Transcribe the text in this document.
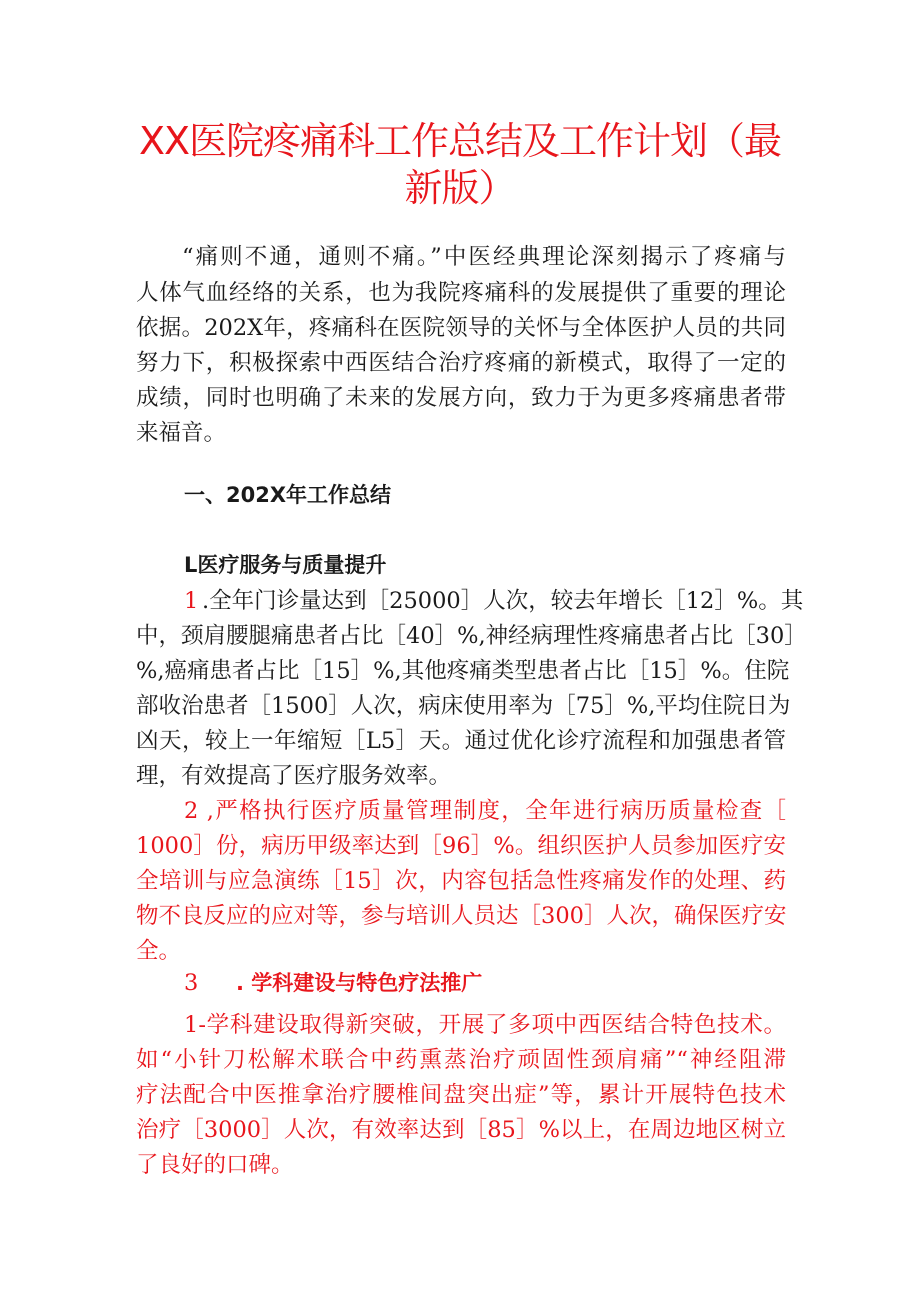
XX医院疼痛科工作总结及工作计划（最
新版）
“痛则不通，通则不痛。”中医经典理论深刻揭示了疼痛与
人体气血经络的关系，也为我院疼痛科的发展提供了重要的理论
依据。202X年，疼痛科在医院领导的关怀与全体医护人员的共同
努力下，积极探索中西医结合治疗疼痛的新模式，取得了一定的
成绩，同时也明确了未来的发展方向，致力于为更多疼痛患者带
来福音。
一、202X年工作总结
L医疗服务与质量提升
1 .全年门诊量达到［25000］人次，较去年增长［12］%。其
中，颈肩腰腿痛患者占比［40］%,神经病理性疼痛患者占比［30］
%,癌痛患者占比［15］%,其他疼痛类型患者占比［15］%。住院
部收治患者［1500］人次，病床使用率为［75］%,平均住院日为
凶天，较上一年缩短［L5］天。通过优化诊疗流程和加强患者管
理，有效提高了医疗服务效率。
2 ,严格执行医疗质量管理制度，全年进行病历质量检查［
1000］份，病历甲级率达到［96］%。组织医护人员参加医疗安
全培训与应急演练［15］次，内容包括急性疼痛发作的处理、药
物不良反应的应对等，参与培训人员达［300］人次，确保医疗安
全。
3	. 学科建设与特色疗法推广
1-学科建设取得新突破，开展了多项中西医结合特色技术。
如“小针刀松解术联合中药熏蒸治疗顽固性颈肩痛”“神经阻滞
疗法配合中医推拿治疗腰椎间盘突出症”等，累计开展特色技术
治疗［3000］人次，有效率达到［85］%以上，在周边地区树立
了良好的口碑。
